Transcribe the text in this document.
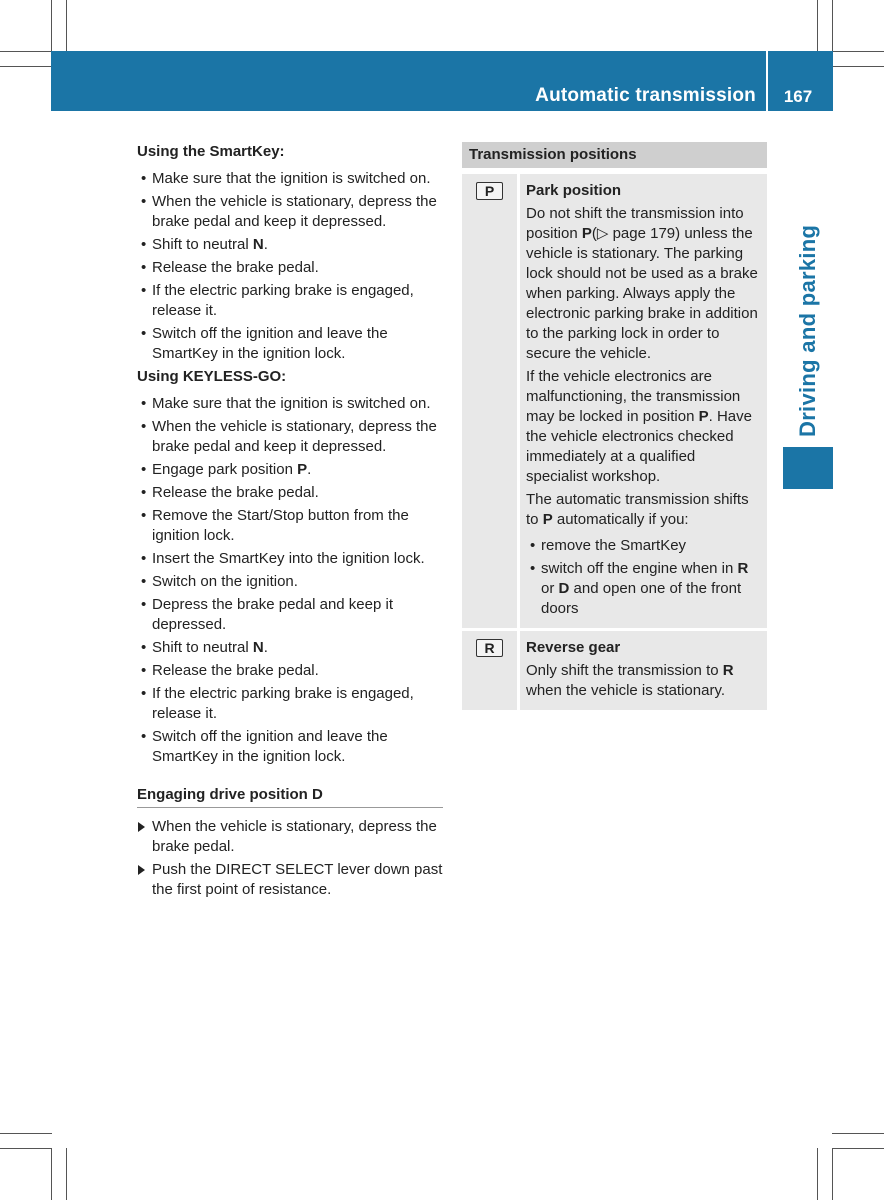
Automatic transmission	167
Driving and parking
Using the SmartKey:
• Make sure that the ignition is switched on.
• When the vehicle is stationary, depress the brake pedal and keep it depressed.
• Shift to neutral N.
• Release the brake pedal.
• If the electric parking brake is engaged, release it.
• Switch off the ignition and leave the SmartKey in the ignition lock.
Using KEYLESS-GO:
• Make sure that the ignition is switched on.
• When the vehicle is stationary, depress the brake pedal and keep it depressed.
• Engage park position P.
• Release the brake pedal.
• Remove the Start/Stop button from the ignition lock.
• Insert the SmartKey into the ignition lock.
• Switch on the ignition.
• Depress the brake pedal and keep it depressed.
• Shift to neutral N.
• Release the brake pedal.
• If the electric parking brake is engaged, release it.
• Switch off the ignition and leave the SmartKey in the ignition lock.
Engaging drive position D
When the vehicle is stationary, depress the brake pedal.
Push the DIRECT SELECT lever down past the first point of resistance.
Transmission positions
P	Park position
Do not shift the transmission into position P(▷ page 179) unless the vehicle is stationary. The parking lock should not be used as a brake when parking. Always apply the electronic parking brake in addition to the parking lock in order to secure the vehicle.
If the vehicle electronics are malfunctioning, the transmission may be locked in position P. Have the vehicle electronics checked immediately at a qualified specialist workshop.
The automatic transmission shifts to P automatically if you:
• remove the SmartKey
• switch off the engine when in R or D and open one of the front doors
R	Reverse gear
Only shift the transmission to R when the vehicle is stationary.
